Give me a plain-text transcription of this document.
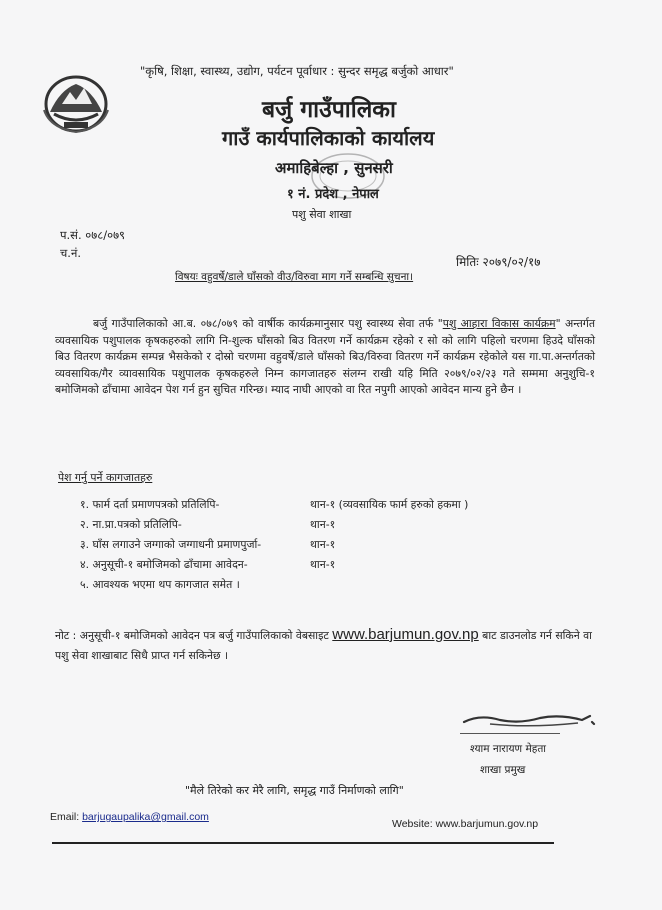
"कृषि, शिक्षा, स्वास्थ्य, उद्योग, पर्यटन पूर्वाधार : सुन्दर समृद्ध बर्जुको आधार"
बर्जु गाउँपालिका
गाउँ कार्यपालिकाको कार्यालय
अमाहिबेल्हा , सुनसरी
१ नं. प्रदेश , नेपाल
पशु सेवा शाखा
प.सं. ०७८/०७९
च.नं.
मितिः २०७९/०२/१७
विषयः वहुवर्षे/डाले घाँसको वीउ/विरुवा माग गर्ने सम्बन्धि सुचना।
बर्जु गाउँपालिकाको आ.ब. ०७८/०७९ को वार्षीक कार्यक्रमानुसार पशु स्वास्थ्य सेवा तर्फ "पशु आहारा विकास कार्यक्रम" अन्तर्गत व्यवसायिक पशुपालक कृषकहरुको लागि नि-शुल्क घाँसको बिउ वितरण गर्ने कार्यक्रम रहेको र सो को लागि पहिलो चरणमा हिउदे घाँसको बिउ वितरण कार्यक्रम सम्पन्न भैसकेको र दोस्रो चरणमा वहुवर्षे/डाले घाँसको बिउ/विरुवा वितरण गर्ने कार्यक्रम रहेकोले यस गा.पा.अन्तर्गतको व्यवसायिक/गैर व्यावसायिक पशुपालक कृषकहरुले निम्न कागजातहरु संलग्न राखी यहि मिति २०७९/०२/२३ गते सम्ममा अनुशुचि-१ बमोजिमको ढाँचामा आवेदन पेश गर्न हुन सुचित गरिन्छ। म्याद नाघी आएको वा रित नपुगी आएको आवेदन मान्य हुने छैन ।
पेश गर्नु पर्ने कागजातहरु
१. फार्म दर्ता प्रमाणपत्रको प्रतिलिपि-	थान-१ (व्यवसायिक फार्म हरुको हकमा )
२. ना.प्रा.पत्रको प्रतिलिपि-	थान-१
३. घाँस लगाउने जग्गाको जग्गाधनी प्रमाणपुर्जा-	थान-१
४. अनुसूची-१ बमोजिमको ढाँचामा आवेदन-	थान-१
५. आवश्यक भएमा थप कागजात समेत ।
नोट : अनुसूची-१ बमोजिमको आवेदन पत्र बर्जु गाउँपालिकाको वेबसाइट www.barjumun.gov.np बाट डाउनलोड गर्न सकिने वा पशु सेवा शाखाबाट सिधै प्राप्त गर्न सकिनेछ ।
श्याम नारायण मेहता
शाखा प्रमुख
"मैले तिरेको कर मेरै लागि, समृद्ध गाउँ निर्माणको लागि"
Email: barjugaupalika@gmail.com
Website: www.barjumun.gov.np
